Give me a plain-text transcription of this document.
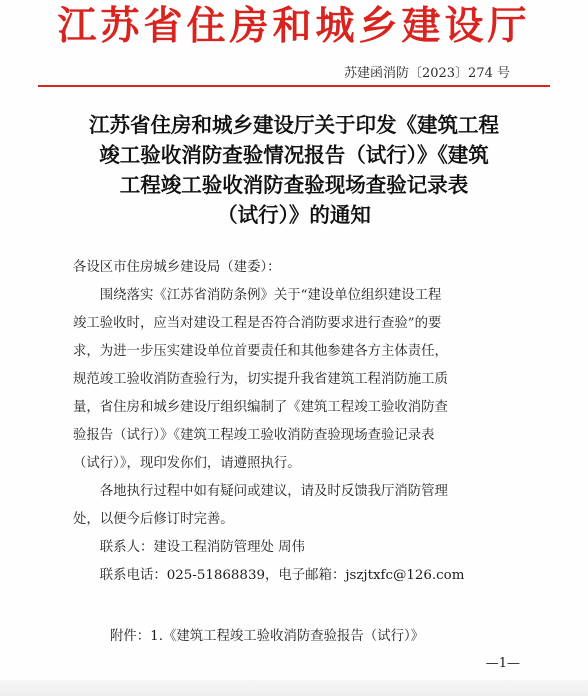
江苏省住房和城乡建设厅
苏建函消防〔2023〕274 号
江苏省住房和城乡建设厅关于印发《建筑工程
竣工验收消防查验情况报告（试行）》《建筑
工程竣工验收消防查验现场查验记录表
（试行）》的通知
各设区市住房城乡建设局（建委）：

围绕落实《江苏省消防条例》关于“建设单位组织建设工程
竣工验收时，应当对建设工程是否符合消防要求进行查验”的要
求，为进一步压实建设单位首要责任和其他参建各方主体责任，
规范竣工验收消防查验行为，切实提升我省建筑工程消防施工质
量，省住房和城乡建设厅组织编制了《建筑工程竣工验收消防查
验报告（试行）》《建筑工程竣工验收消防查验现场查验记录表
（试行）》，现印发你们，请遵照执行。

各地执行过程中如有疑问或建议，请及时反馈我厅消防管理
处，以便今后修订时完善。

联系人：建设工程消防管理处 周伟
联系电话：025-51868839，电子邮箱：jszjtxfc@126.com
附件：1.《建筑工程竣工验收消防查验报告（试行）》
—1—
